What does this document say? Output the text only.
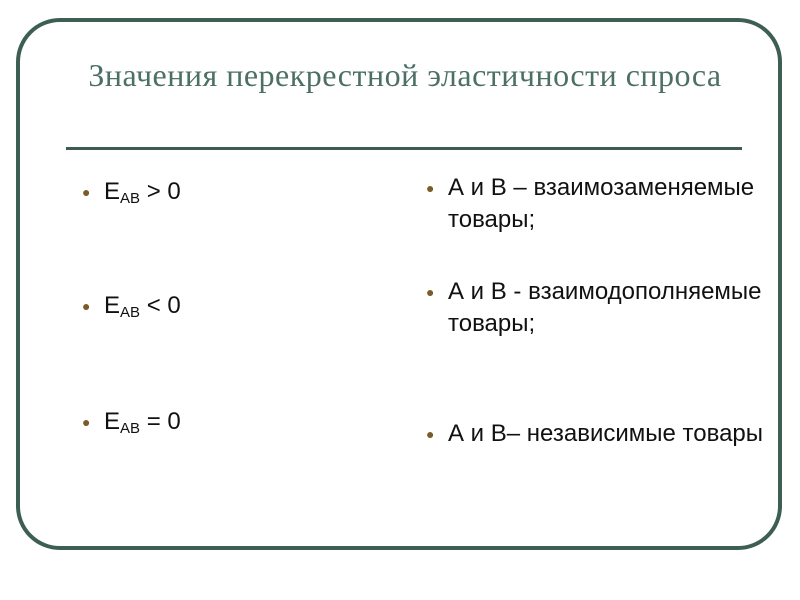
Значения перекрестной эластичности спроса
● $E_{AB} > 0$
● $E_{AB} < 0$
● $E_{AB} = 0$
● А и В – взаимозаменяемые товары;
● А и В - взаимодополняемые товары;
● А и В– независимые товары
